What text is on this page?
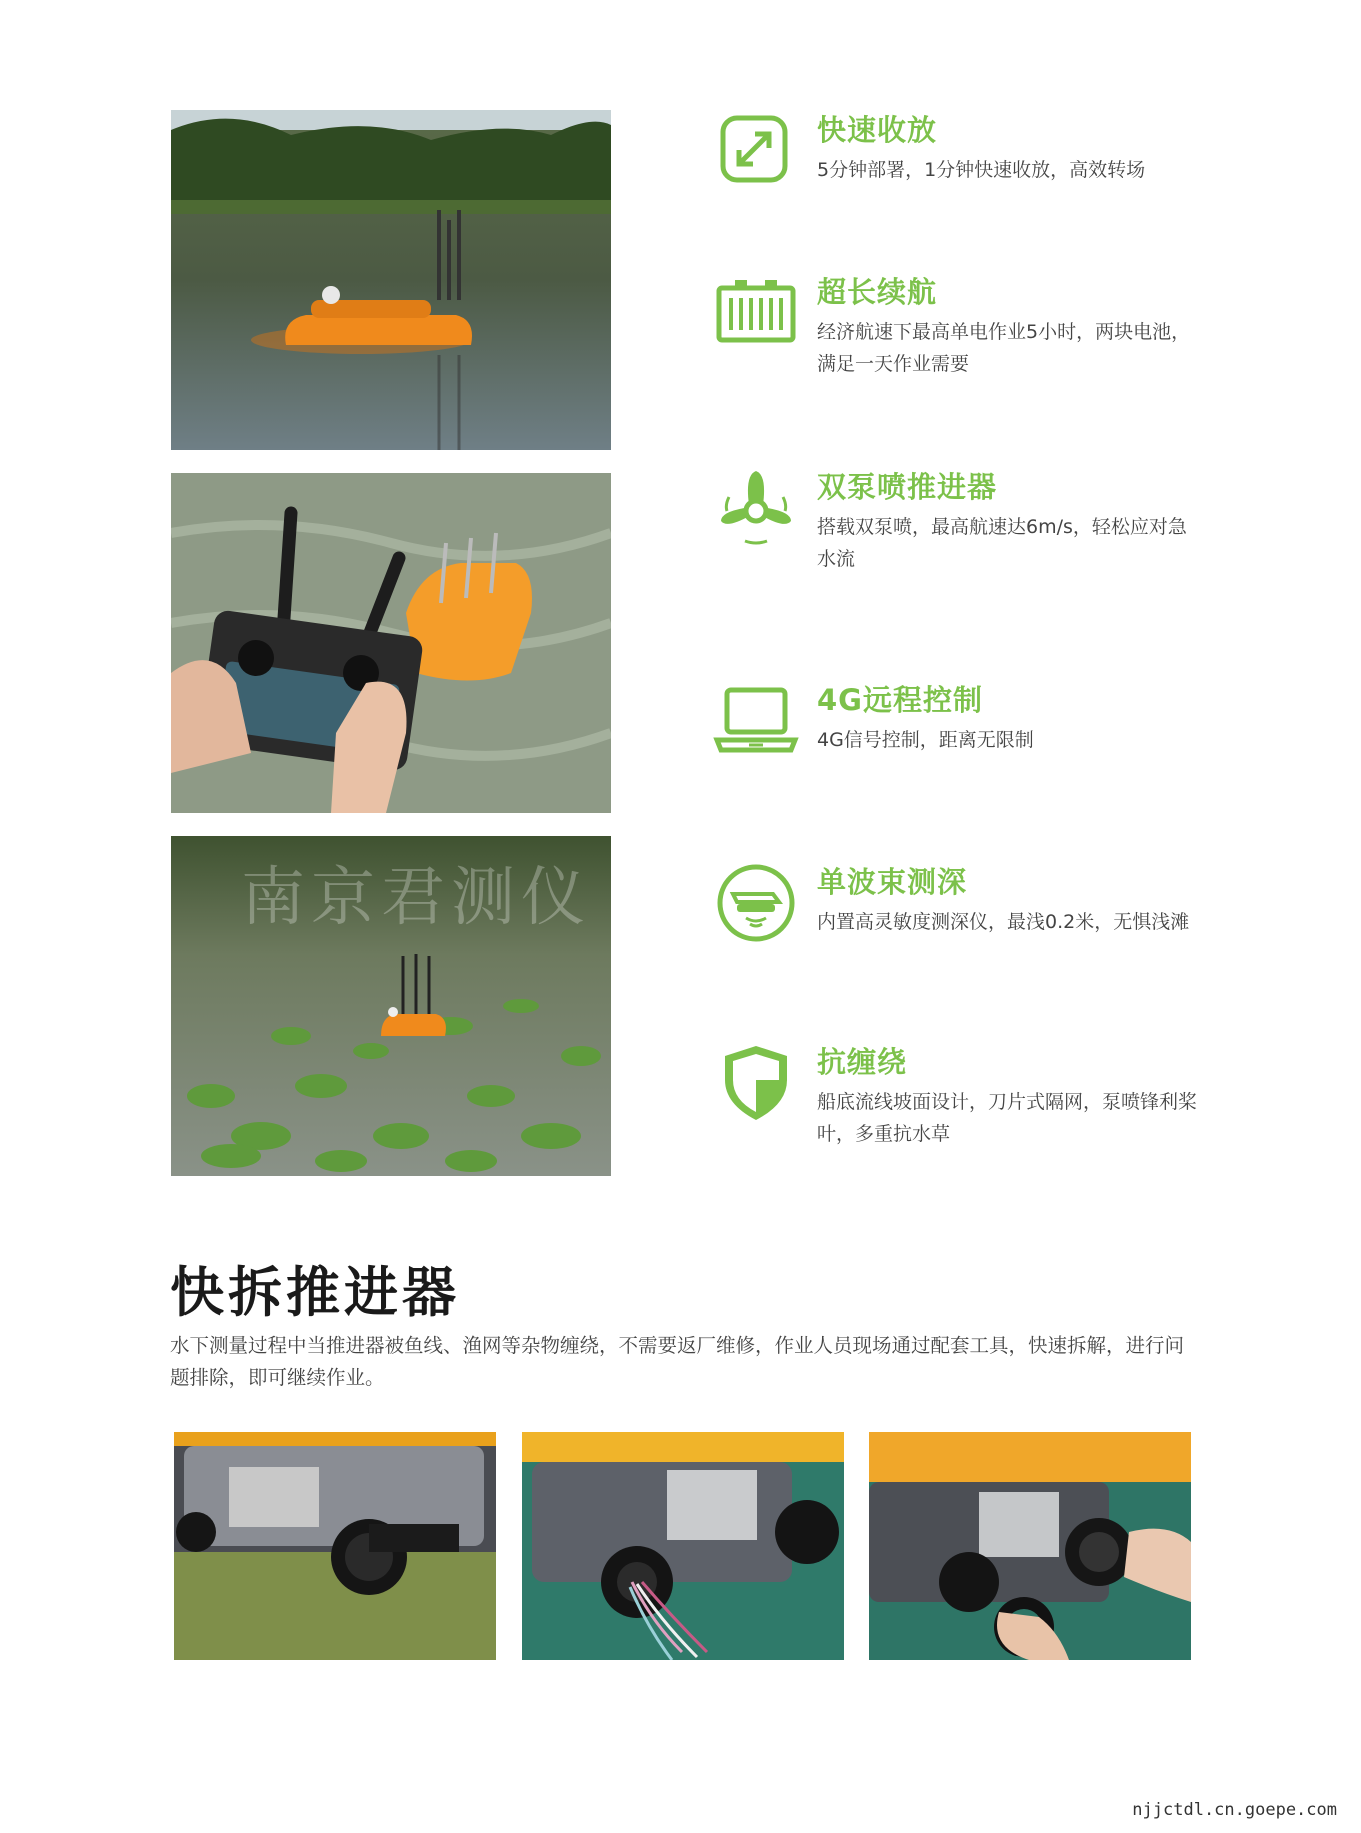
南京君测仪
快速收放
5分钟部署，1分钟快速收放，高效转场
超长续航
经济航速下最高单电作业5小时，两块电池，满足一天作业需要
双泵喷推进器
搭载双泵喷，最高航速达6m/s，轻松应对急水流
4G远程控制
4G信号控制，距离无限制
单波束测深
内置高灵敏度测深仪，最浅0.2米，无惧浅滩
抗缠绕
船底流线坡面设计，刀片式隔网，泵喷锋利桨叶，多重抗水草
快拆推进器
水下测量过程中当推进器被鱼线、渔网等杂物缠绕，不需要返厂维修，作业人员现场通过配套工具，快速拆解，进行问题排除，即可继续作业。
njjctdl.cn.goepe.com
